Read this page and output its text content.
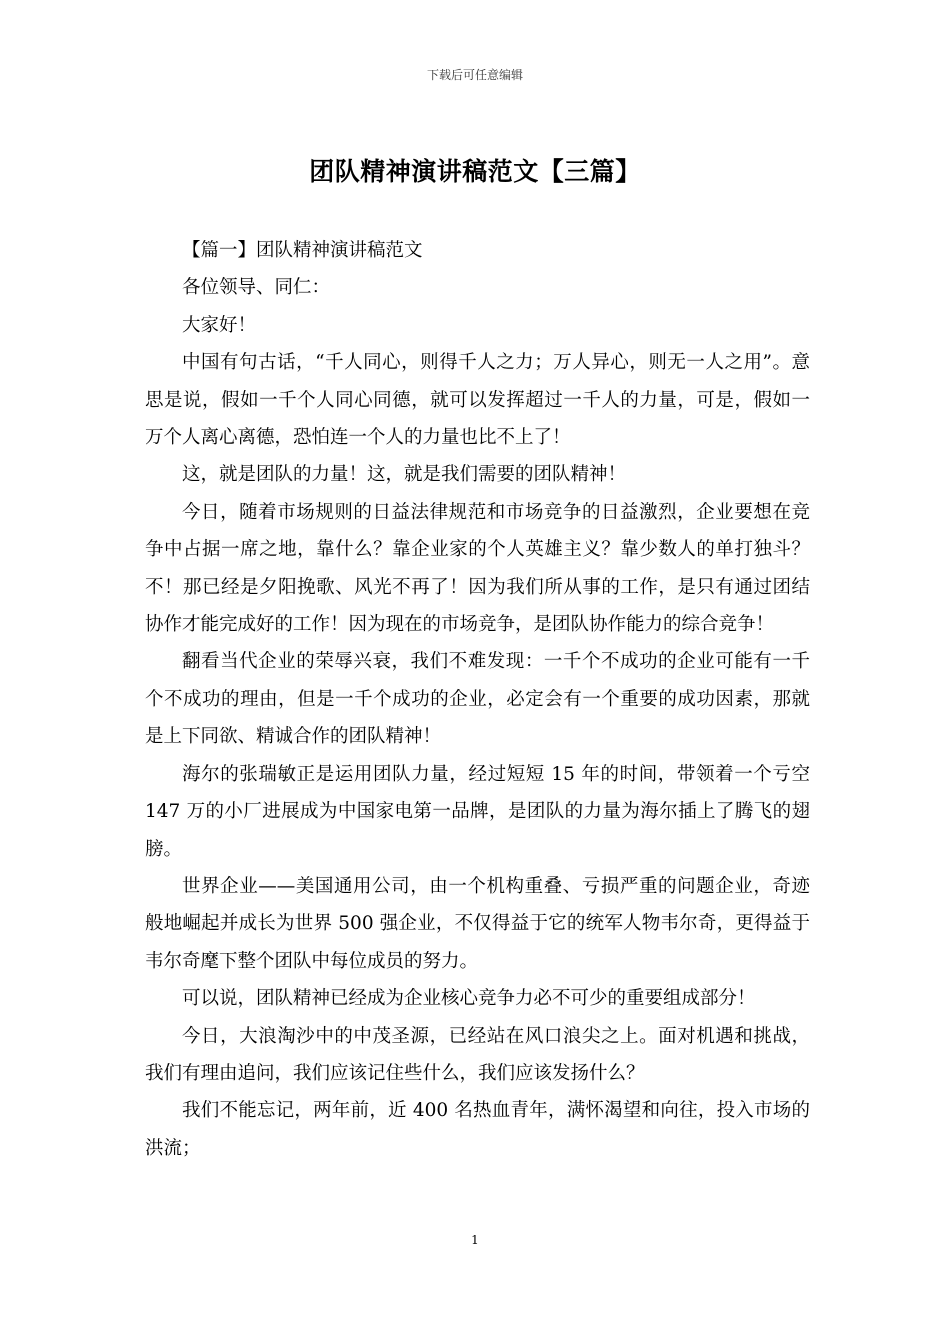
下载后可任意编辑
团队精神演讲稿范文【三篇】

【篇一】团队精神演讲稿范文

各位领导、同仁：

大家好！

中国有句古话，“千人同心，则得千人之力；万人异心，则无一人之用”。意思是说，假如一千个人同心同德，就可以发挥超过一千人的力量，可是，假如一万个人离心离德，恐怕连一个人的力量也比不上了！

这，就是团队的力量！这，就是我们需要的团队精神！

今日，随着市场规则的日益法律规范和市场竞争的日益激烈，企业要想在竞争中占据一席之地，靠什么？靠企业家的个人英雄主义？靠少数人的单打独斗？不！那已经是夕阳挽歌、风光不再了！因为我们所从事的工作，是只有通过团结协作才能完成好的工作！因为现在的市场竞争，是团队协作能力的综合竞争！

翻看当代企业的荣辱兴衰，我们不难发现：一千个不成功的企业可能有一千个不成功的理由，但是一千个成功的企业，必定会有一个重要的成功因素，那就是上下同欲、精诚合作的团队精神！

海尔的张瑞敏正是运用团队力量，经过短短 15 年的时间，带领着一个亏空 147 万的小厂进展成为中国家电第一品牌，是团队的力量为海尔插上了腾飞的翅膀。

世界企业——美国通用公司，由一个机构重叠、亏损严重的问题企业，奇迹般地崛起并成长为世界 500 强企业，不仅得益于它的统军人物韦尔奇，更得益于韦尔奇麾下整个团队中每位成员的努力。

可以说，团队精神已经成为企业核心竞争力必不可少的重要组成部分！

今日，大浪淘沙中的中茂圣源，已经站在风口浪尖之上。面对机遇和挑战，我们有理由追问，我们应该记住些什么，我们应该发扬什么？

我们不能忘记，两年前，近 400 名热血青年，满怀渴望和向往，投入市场的洪流；

1
